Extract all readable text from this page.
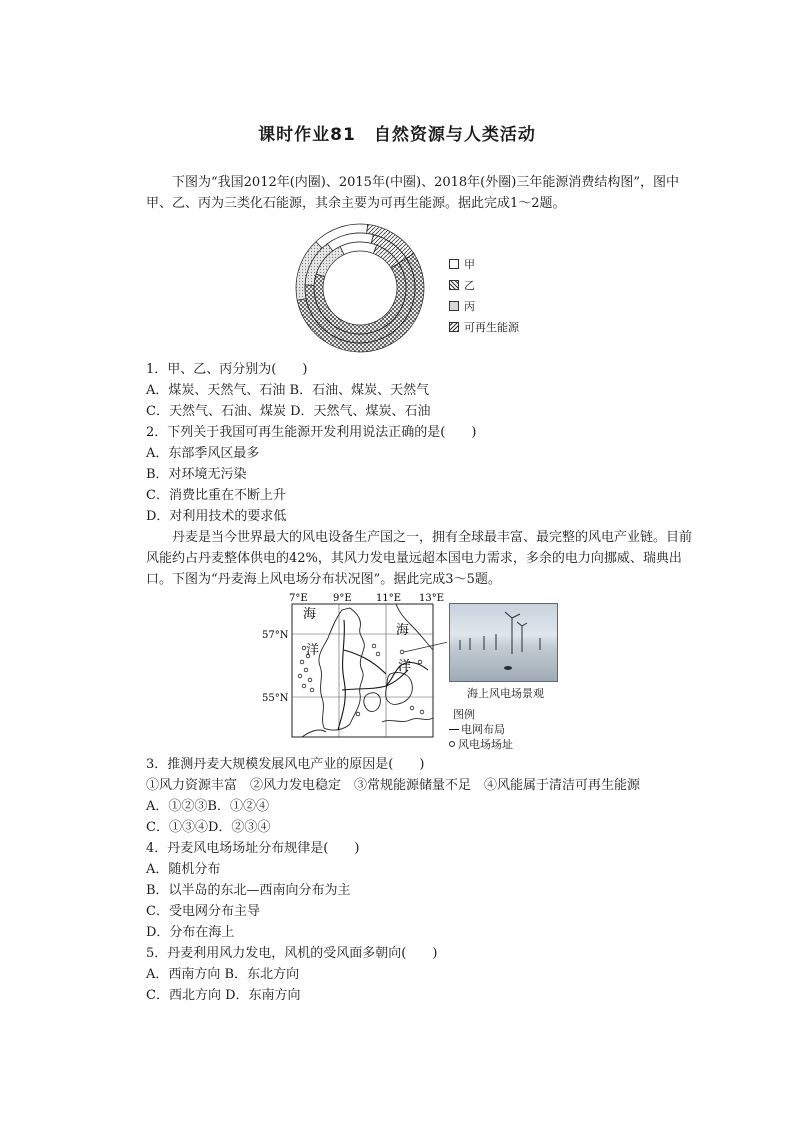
课时作业81　自然资源与人类活动

下图为“我国2012年(内圈)、2015年(中圈)、2018年(外圈)三年能源消费结构图”，图中甲、乙、丙为三类化石能源，其余主要为可再生能源。据此完成1～2题。

甲
乙
丙
可再生能源
1．甲、乙、丙分别为(　　)
A．煤炭、天然气、石油 B．石油、煤炭、天然气
C．天然气、石油、煤炭 D．天然气、煤炭、石油
2．下列关于我国可再生能源开发利用说法正确的是(　　)
A．东部季风区最多
B．对环境无污染
C．消费比重在不断上升
D．对利用技术的要求低

丹麦是当今世界最大的风电设备生产国之一，拥有全球最丰富、最完整的风电产业链。目前风能约占丹麦整体供电的42%，其风力发电量远超本国电力需求，多余的电力向挪威、瑞典出口。下图为“丹麦海上风电场分布状况图”。据此完成3～5题。

7°E	9°E 11°E 13°E
57°N
55°N
海
洋
海
洋
海上风电场景观
图例
电网布局
风电场场址
3．推测丹麦大规模发展风电产业的原因是(　　)
①风力资源丰富　②风力发电稳定　③常规能源储量不足　④风能属于清洁可再生能源
A．①②③B．①②④
C．①③④D．②③④
4．丹麦风电场场址分布规律是(　　)
A．随机分布
B．以半岛的东北—西南向分布为主
C．受电网分布主导
D．分布在海上
5．丹麦利用风力发电，风机的受风面多朝向(　　)
A．西南方向 B．东北方向
C．西北方向 D．东南方向
